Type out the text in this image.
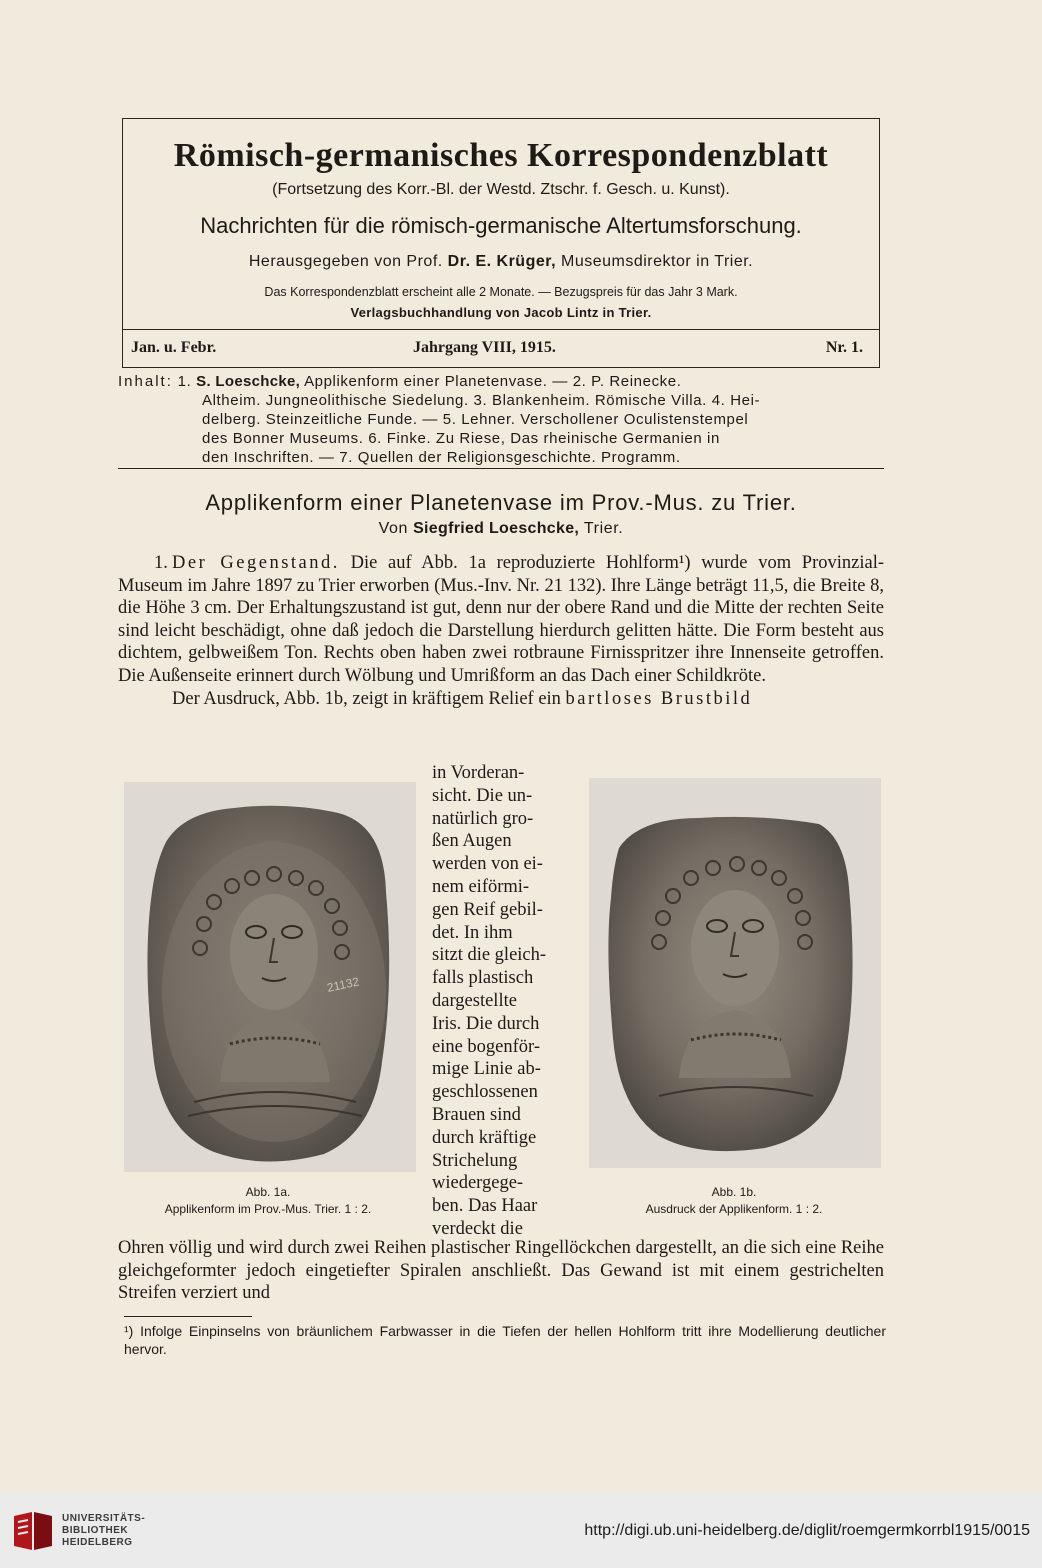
Römisch-germanisches Korrespondenzblatt
(Fortsetzung des Korr.-Bl. der Westd. Ztschr. f. Gesch. u. Kunst).
Nachrichten für die römisch-germanische Altertumsforschung.
Herausgegeben von Prof. Dr. E. Krüger, Museumsdirektor in Trier.
Das Korrespondenzblatt erscheint alle 2 Monate. — Bezugspreis für das Jahr 3 Mark.
Verlagsbuchhandlung von Jacob Lintz in Trier.
Jan. u. Febr.	Jahrgang VIII, 1915.	Nr. 1.
Inhalt: 1. S. Loeschcke, Applikenform einer Planetenvase. — 2. P. Reinecke.
Altheim. Jungneolithische Siedelung. 3. Blankenheim. Römische Villa. 4. Hei-
delberg. Steinzeitliche Funde. — 5. Lehner. Verschollener Oculistenstempel
des Bonner Museums. 6. Finke. Zu Riese, Das rheinische Germanien in
den Inschriften. — 7. Quellen der Religionsgeschichte. Programm.
Applikenform einer Planetenvase im Prov.-Mus. zu Trier.
Von Siegfried Loeschcke, Trier.

1. Der Gegenstand. Die auf Abb. 1a reproduzierte Hohlform¹) wurde vom Provinzial-Museum im Jahre 1897 zu Trier erworben (Mus.-Inv. Nr. 21 132). Ihre Länge beträgt 11,5, die Breite 8, die Höhe 3 cm. Der Erhaltungszustand ist gut, denn nur der obere Rand und die Mitte der rechten Seite sind leicht beschädigt, ohne daß jedoch die Darstellung hierdurch gelitten hätte. Die Form besteht aus dichtem, gelbweißem Ton. Rechts oben haben zwei rotbraune Firnisspritzer ihre Innenseite getroffen. Die Außenseite erinnert durch Wölbung und Umrißform an das Dach einer Schildkröte.

Der Ausdruck, Abb. 1b, zeigt in kräftigem Relief ein bartloses Brustbild

21132
Abb. 1a.
Applikenform im Prov.-Mus. Trier. 1 : 2.
Abb. 1b.
Ausdruck der Applikenform. 1 : 2.
in Vorderan-
sicht. Die un-
natürlich gro-
ßen Augen
werden von ei-
nem eiförmi-
gen Reif gebil-
det. In ihm
sitzt die gleich-
falls plastisch
dargestellte
Iris. Die durch
eine bogenför-
mige Linie ab-
geschlossenen
Brauen sind
durch kräftige
Strichelung
wiedergege-
ben. Das Haar
verdeckt die
Ohren völlig und wird durch zwei Reihen plastischer Ringellöckchen dargestellt, an die sich eine Reihe gleichgeformter jedoch eingetiefter Spiralen anschließt. Das Gewand ist mit einem gestrichelten Streifen verziert und
¹) Infolge Einpinselns von bräunlichem Farbwasser in die Tiefen der hellen Hohlform tritt ihre Modellierung deutlicher hervor.
UNIVERSITÄTS-
BIBLIOTHEK
HEIDELBERG
http://digi.ub.uni-heidelberg.de/diglit/roemgermkorrbl1915/0015
